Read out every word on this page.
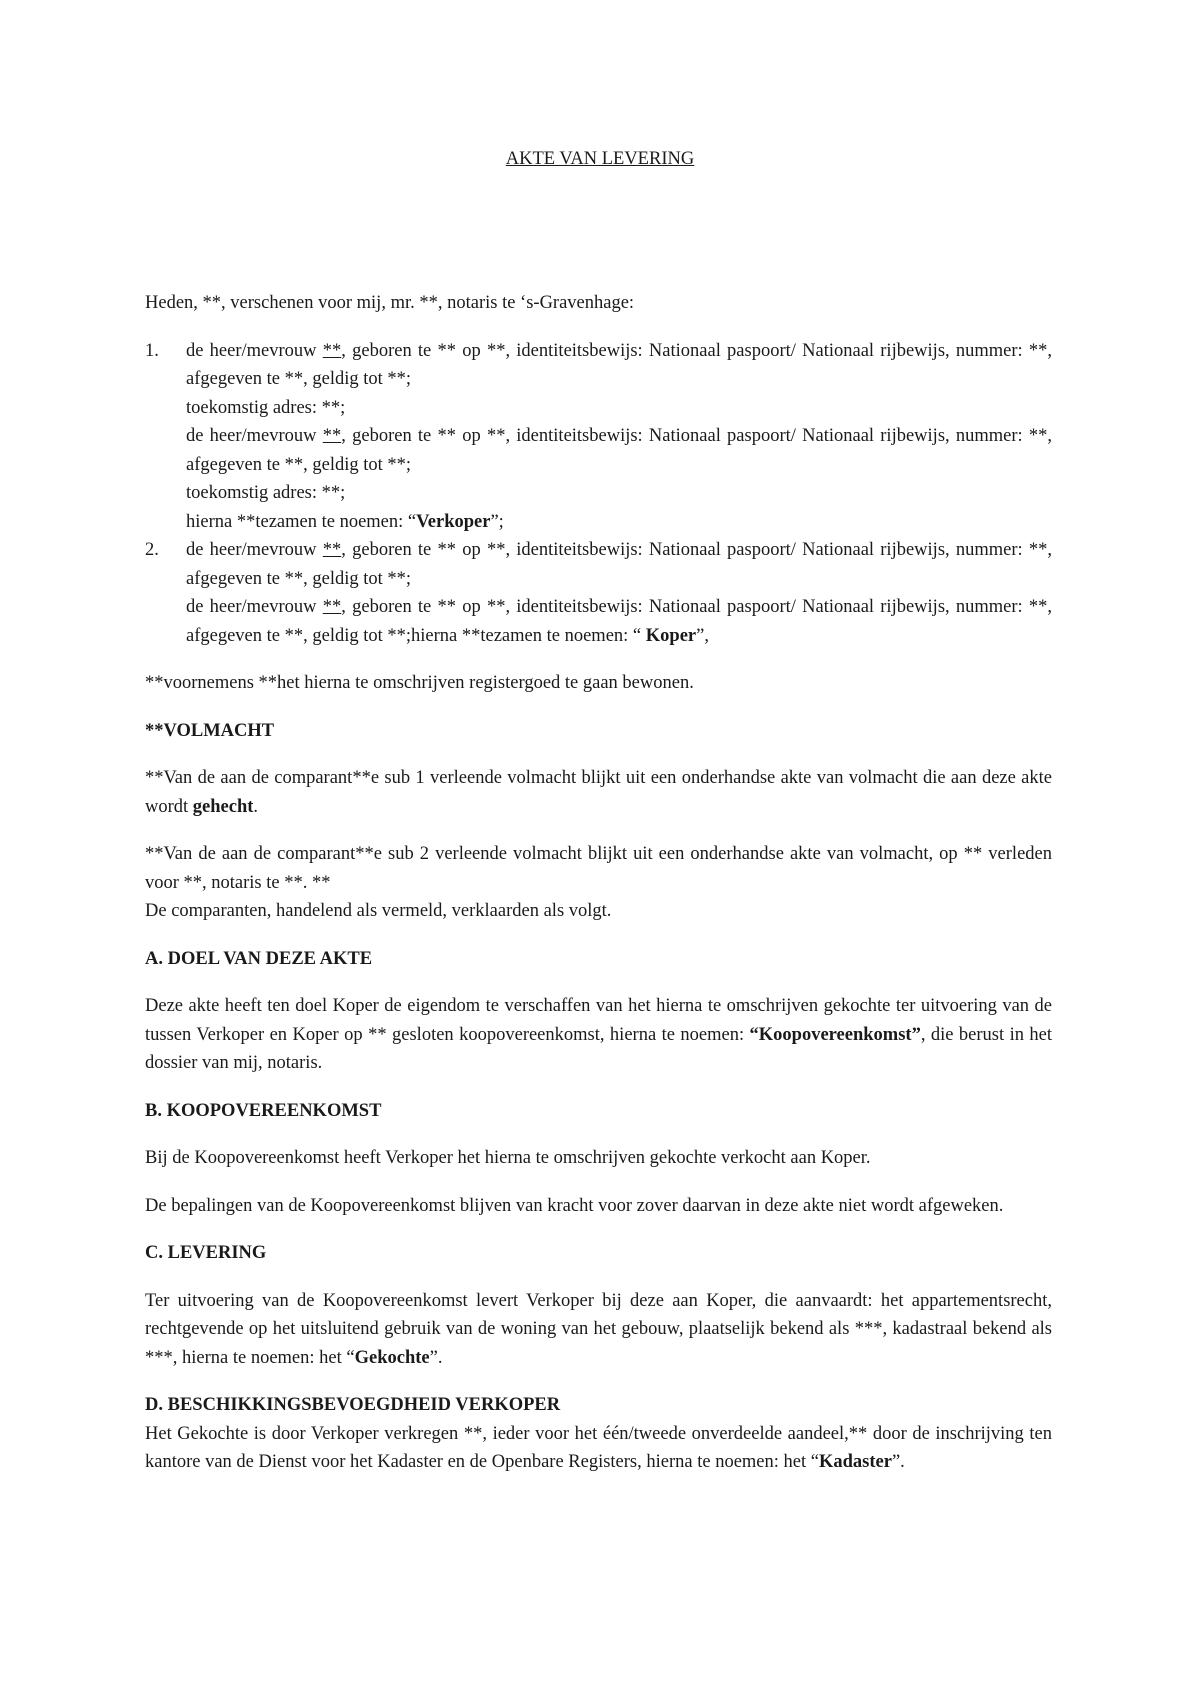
AKTE VAN LEVERING

Heden, **, verschenen voor mij, mr. **, notaris te ‘s-Gravenhage:

1. de heer/mevrouw **, geboren te ** op **, identiteitsbewijs: Nationaal paspoort/ Nationaal rijbewijs, nummer: **, afgegeven te **, geldig tot **;

toekomstig adres: **;

de heer/mevrouw **, geboren te ** op **, identiteitsbewijs: Nationaal paspoort/ Nationaal rijbewijs, nummer: **, afgegeven te **, geldig tot **;

toekomstig adres: **;

hierna **tezamen te noemen: “Verkoper”;

2. de heer/mevrouw **, geboren te ** op **, identiteitsbewijs: Nationaal paspoort/ Nationaal rijbewijs, nummer: **, afgegeven te **, geldig tot **;

de heer/mevrouw **, geboren te ** op **, identiteitsbewijs: Nationaal paspoort/ Nationaal rijbewijs, nummer: **, afgegeven te **, geldig tot **;hierna **tezamen te noemen: “ Koper”,

**voornemens **het hierna te omschrijven registergoed te gaan bewonen.

**VOLMACHT

**Van de aan de comparant**e sub 1 verleende volmacht blijkt uit een onderhandse akte van volmacht die aan deze akte wordt gehecht.

**Van de aan de comparant**e sub 2 verleende volmacht blijkt uit een onderhandse akte van volmacht, op ** verleden voor **, notaris te **. **

De comparanten, handelend als vermeld, verklaarden als volgt.

A. DOEL VAN DEZE AKTE

Deze akte heeft ten doel Koper de eigendom te verschaffen van het hierna te omschrijven gekochte ter uitvoering van de tussen Verkoper en Koper op ** gesloten koopovereenkomst, hierna te noemen: “Koopovereenkomst”, die berust in het dossier van mij, notaris.

B. KOOPOVEREENKOMST

Bij de Koopovereenkomst heeft Verkoper het hierna te omschrijven gekochte verkocht aan Koper.

De bepalingen van de Koopovereenkomst blijven van kracht voor zover daarvan in deze akte niet wordt afgeweken.

C. LEVERING

Ter uitvoering van de Koopovereenkomst levert Verkoper bij deze aan Koper, die aanvaardt: het appartementsrecht, rechtgevende op het uitsluitend gebruik van de woning van het gebouw, plaatselijk bekend als ***, kadastraal bekend als ***, hierna te noemen: het “Gekochte”.

D. BESCHIKKINGSBEVOEGDHEID VERKOPER

Het Gekochte is door Verkoper verkregen **, ieder voor het één/tweede onverdeelde aandeel,** door de inschrijving ten kantore van de Dienst voor het Kadaster en de Openbare Registers, hierna te noemen: het “Kadaster”.
